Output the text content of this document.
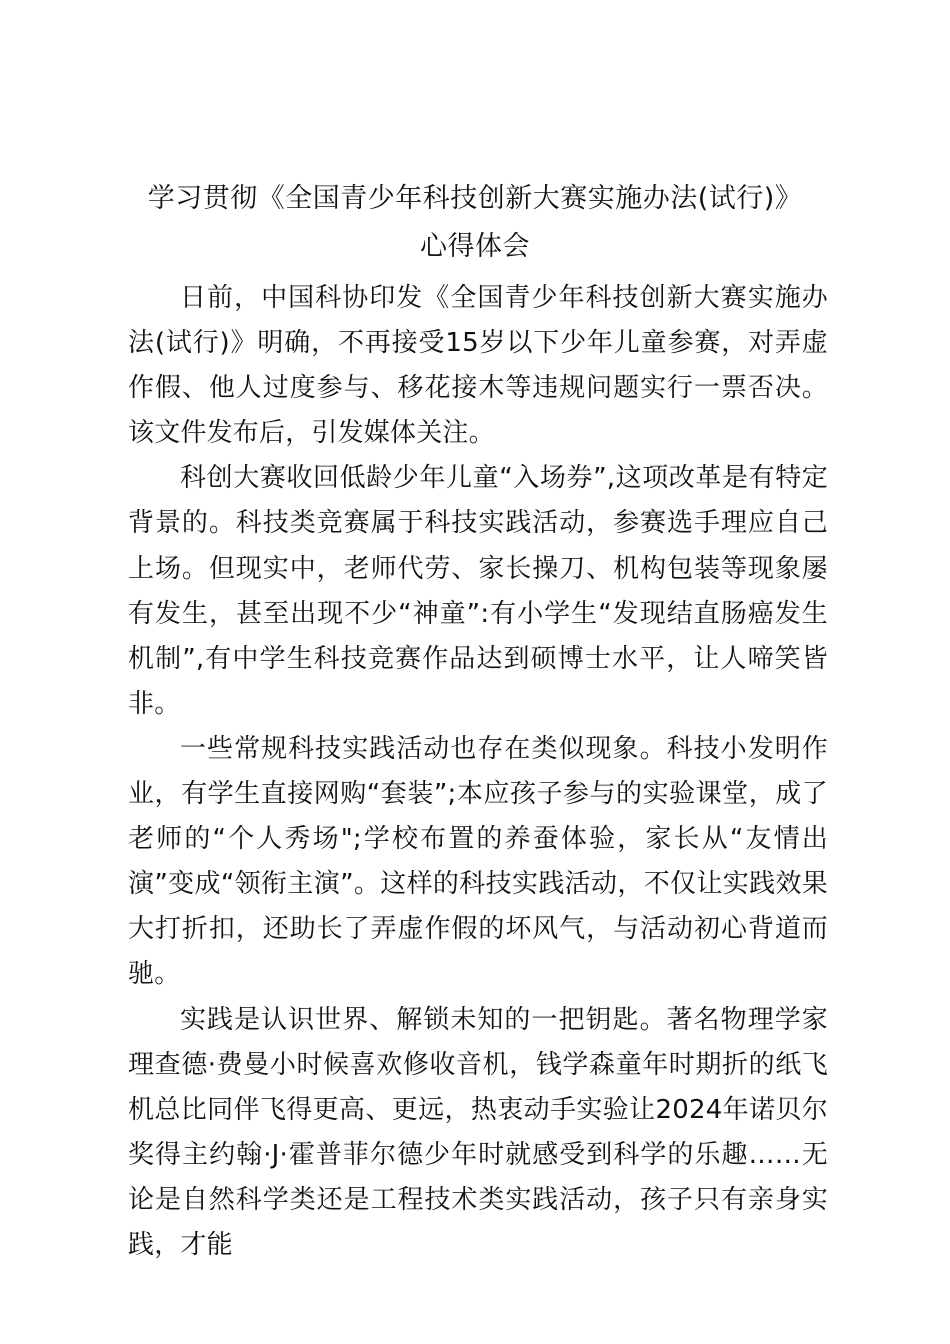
学习贯彻《全国青少年科技创新大赛实施办法(试行)》
心得体会

日前，中国科协印发《全国青少年科技创新大赛实施办法(试行)》明确，不再接受15岁以下少年儿童参赛，对弄虚作假、他人过度参与、移花接木等违规问题实行一票否决。该文件发布后，引发媒体关注。

科创大赛收回低龄少年儿童“入场券”,这项改革是有特定背景的。科技类竞赛属于科技实践活动，参赛选手理应自己上场。但现实中，老师代劳、家长操刀、机构包装等现象屡有发生，甚至出现不少“神童”:有小学生“发现结直肠癌发生机制”,有中学生科技竞赛作品达到硕博士水平，让人啼笑皆非。

一些常规科技实践活动也存在类似现象。科技小发明作业，有学生直接网购“套装”;本应孩子参与的实验课堂，成了老师的“个人秀场";学校布置的养蚕体验，家长从“友情出演”变成“领衔主演”。这样的科技实践活动，不仅让实践效果大打折扣，还助长了弄虚作假的坏风气，与活动初心背道而驰。

实践是认识世界、解锁未知的一把钥匙。著名物理学家理查德·费曼小时候喜欢修收音机，钱学森童年时期折的纸飞机总比同伴飞得更高、更远，热衷动手实验让2024年诺贝尔奖得主约翰·J·霍普菲尔德少年时就感受到科学的乐趣……无论是自然科学类还是工程技术类实践活动，孩子只有亲身实践，才能
